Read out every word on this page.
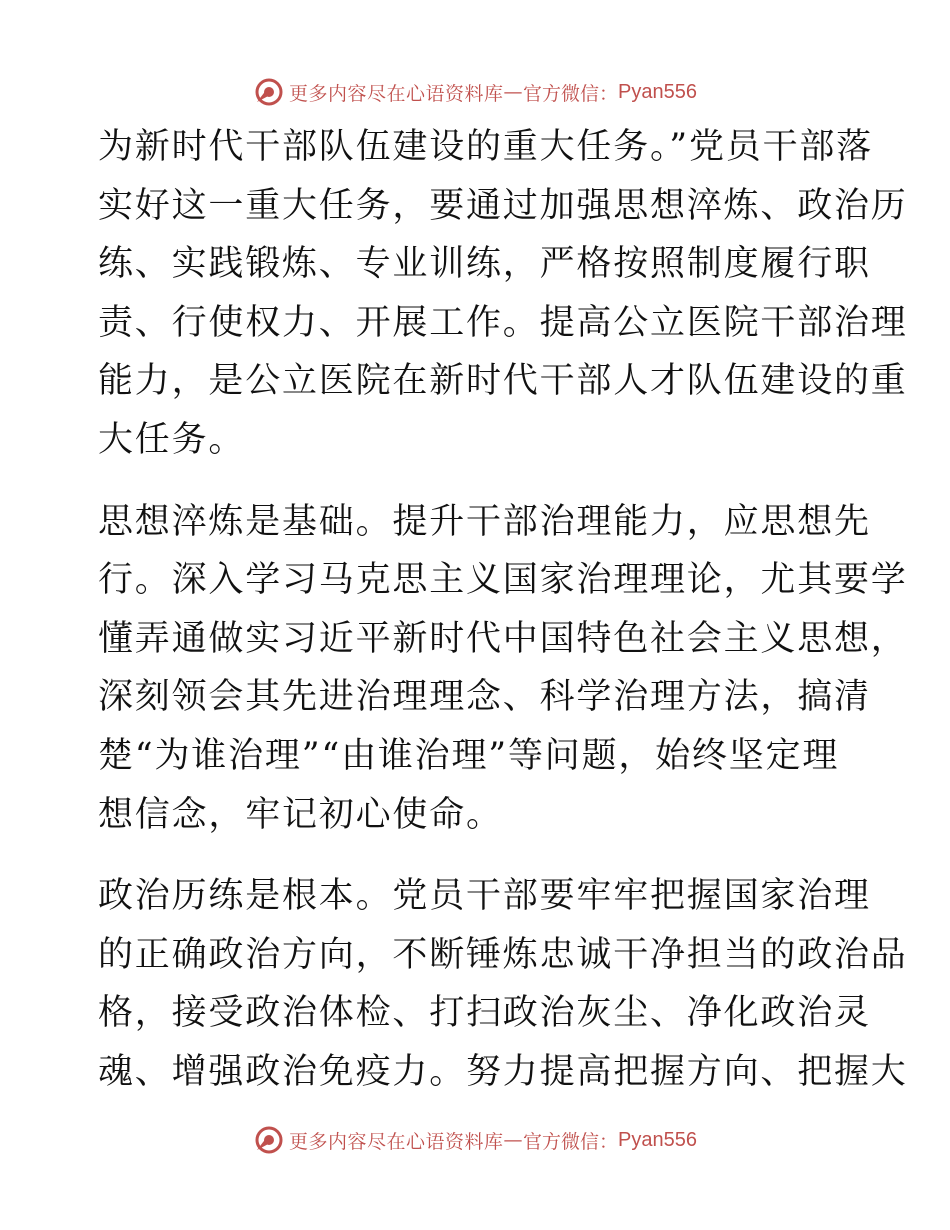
更多内容尽在心语资料库 — 官方微信： Pyan556
为新时代干部队伍建设的重大任务。”党员干部落
实好这一重大任务，要通过加强思想淬炼、政治历
练、实践锻炼、专业训练，严格按照制度履行职
责、行使权力、开展工作。提高公立医院干部治理
能力，是公立医院在新时代干部人才队伍建设的重
大任务。
思想淬炼是基础。提升干部治理能力，应思想先
行。深入学习马克思主义国家治理理论，尤其要学
懂弄通做实习近平新时代中国特色社会主义思想，
深刻领会其先进治理理念、科学治理方法，搞清
楚“为谁治理”“由谁治理”等问题，始终坚定理
想信念，牢记初心使命。
政治历练是根本。党员干部要牢牢把握国家治理
的正确政治方向，不断锤炼忠诚干净担当的政治品
格，接受政治体检、打扫政治灰尘、净化政治灵
魂、增强政治免疫力。努力提高把握方向、把握大
更多内容尽在心语资料库 — 官方微信： Pyan556
